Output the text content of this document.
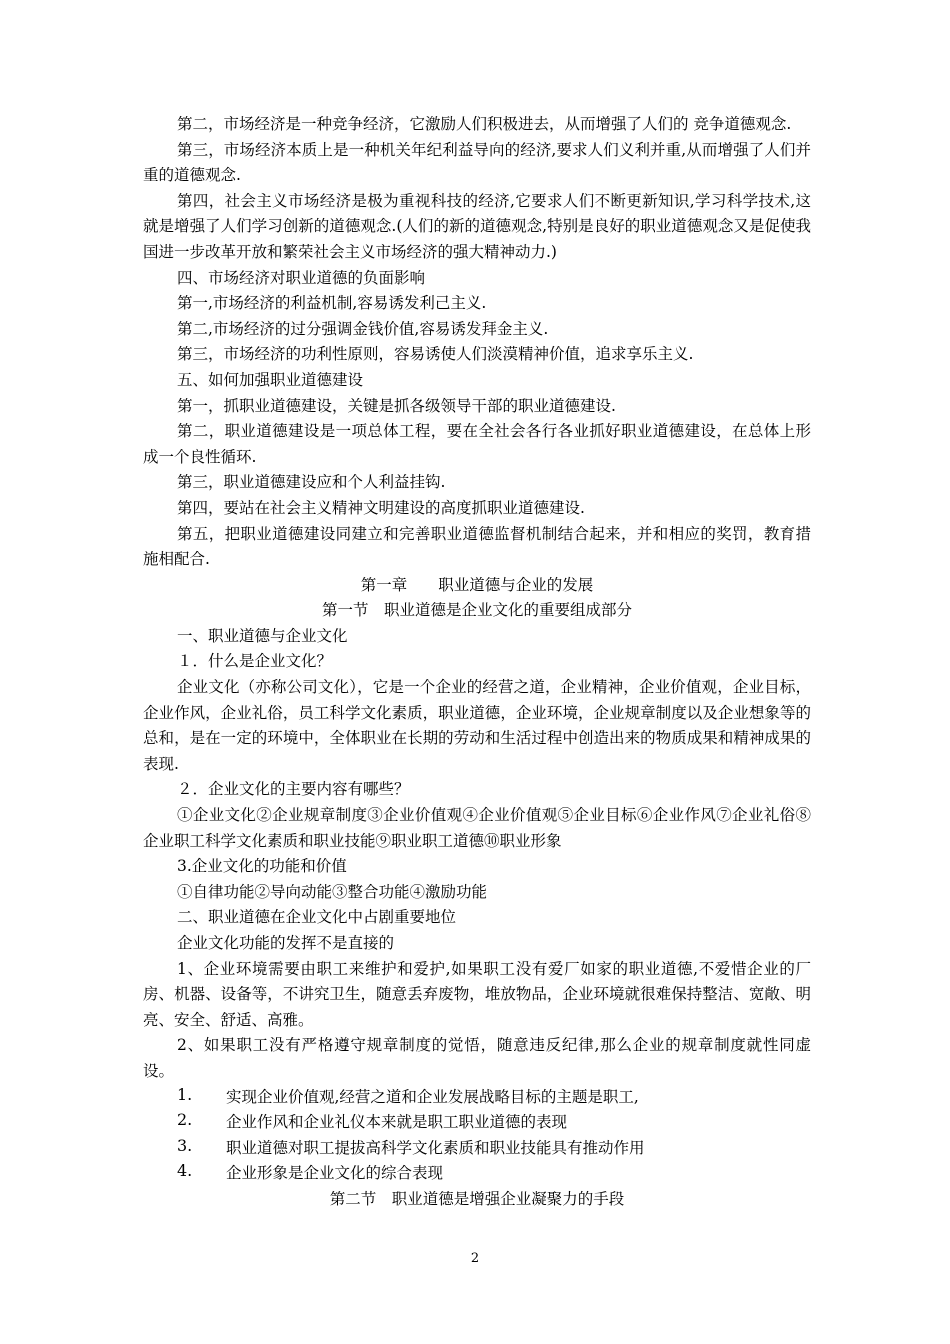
第二，市场经济是一种竞争经济，它激励人们积极进去，从而增强了人们的 竞争道德观念.

第三，市场经济本质上是一种机关年纪利益导向的经济,要求人们义利并重,从而增强了人们并重的道德观念.

第四，社会主义市场经济是极为重视科技的经济,它要求人们不断更新知识,学习科学技术,这就是增强了人们学习创新的道德观念.(人们的新的道德观念,特别是良好的职业道德观念又是促使我国进一步改革开放和繁荣社会主义市场经济的强大精神动力.)

四、市场经济对职业道德的负面影响

第一,市场经济的利益机制,容易诱发利己主义.

第二,市场经济的过分强调金钱价值,容易诱发拜金主义.

第三，市场经济的功利性原则，容易诱使人们淡漠精神价值，追求享乐主义.

五、如何加强职业道德建设

第一，抓职业道德建设，关键是抓各级领导干部的职业道德建设.

第二，职业道德建设是一项总体工程，要在全社会各行各业抓好职业道德建设，在总体上形成一个良性循环.

第三，职业道德建设应和个人利益挂钩.

第四，要站在社会主义精神文明建设的高度抓职业道德建设.

第五，把职业道德建设同建立和完善职业道德监督机制结合起来，并和相应的奖罚，教育措施相配合.

第一章　　职业道德与企业的发展

第一节　职业道德是企业文化的重要组成部分

一、职业道德与企业文化

１．什么是企业文化？

企业文化（亦称公司文化），它是一个企业的经营之道，企业精神，企业价值观，企业目标，企业作风，企业礼俗，员工科学文化素质，职业道德，企业环境，企业规章制度以及企业想象等的总和，是在一定的环境中，全体职业在长期的劳动和生活过程中创造出来的物质成果和精神成果的表现.

２．企业文化的主要内容有哪些？

①企业文化②企业规章制度③企业价值观④企业价值观⑤企业目标⑥企业作风⑦企业礼俗⑧企业职工科学文化素质和职业技能⑨职业职工道德⑩职业形象

3.企业文化的功能和价值

①自律功能②导向动能③整合功能④激励功能

二、职业道德在企业文化中占剧重要地位

企业文化功能的发挥不是直接的

1、企业环境需要由职工来维护和爱护,如果职工没有爱厂如家的职业道德,不爱惜企业的厂房、机器、设备等，不讲究卫生，随意丢弃废物，堆放物品，企业环境就很难保持整洁、宽敞、明亮、安全、舒适、高雅。

2、如果职工没有严格遵守规章制度的觉悟，随意违反纪律,那么企业的规章制度就性同虚设。

1.	实现企业价值观,经营之道和企业发展战略目标的主题是职工,

2.	企业作风和企业礼仪本来就是职工职业道德的表现

3.	职业道德对职工提拔高科学文化素质和职业技能具有推动作用

4.	企业形象是企业文化的综合表现

第二节　职业道德是增强企业凝聚力的手段

2
